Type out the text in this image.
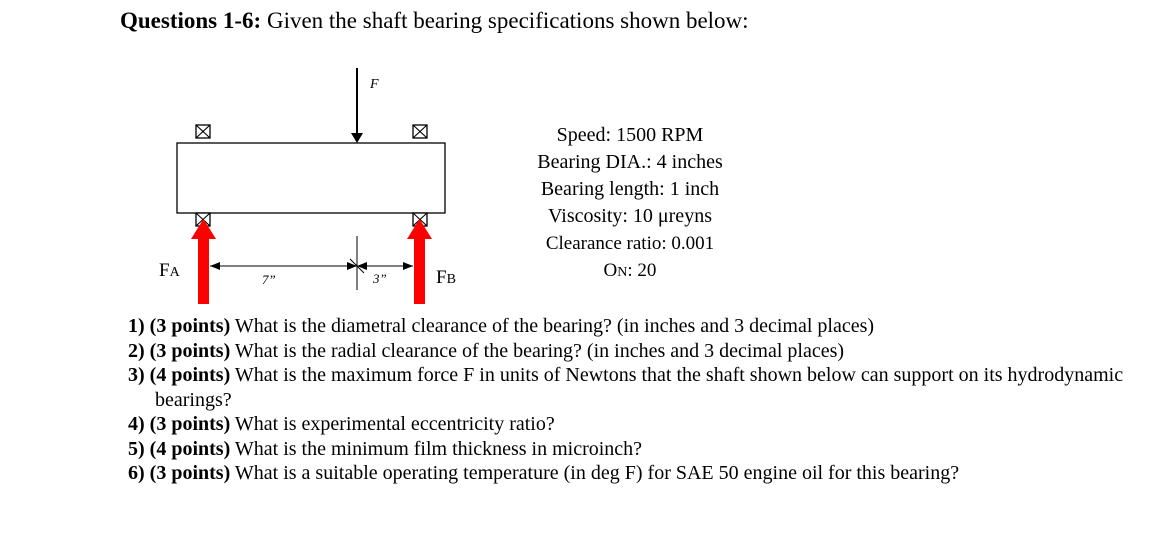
Questions 1-6: Given the shaft bearing specifications shown below:
F
7”	3”
FA	FB
Speed: 1500 RPM
Bearing DIA.: 4 inches
Bearing length: 1 inch
Viscosity: 10 μreyns
Clearance ratio: 0.001
ON: 20
1) (3 points) What is the diametral clearance of the bearing? (in inches and 3 decimal places)
2) (3 points) What is the radial clearance of the bearing? (in inches and 3 decimal places)
3) (4 points) What is the maximum force F in units of Newtons that the shaft shown below can support on its hydrodynamic bearings?
4) (3 points) What is experimental eccentricity ratio?
5) (4 points) What is the minimum film thickness in microinch?
6) (3 points) What is a suitable operating temperature (in deg F) for SAE 50 engine oil for this bearing?
